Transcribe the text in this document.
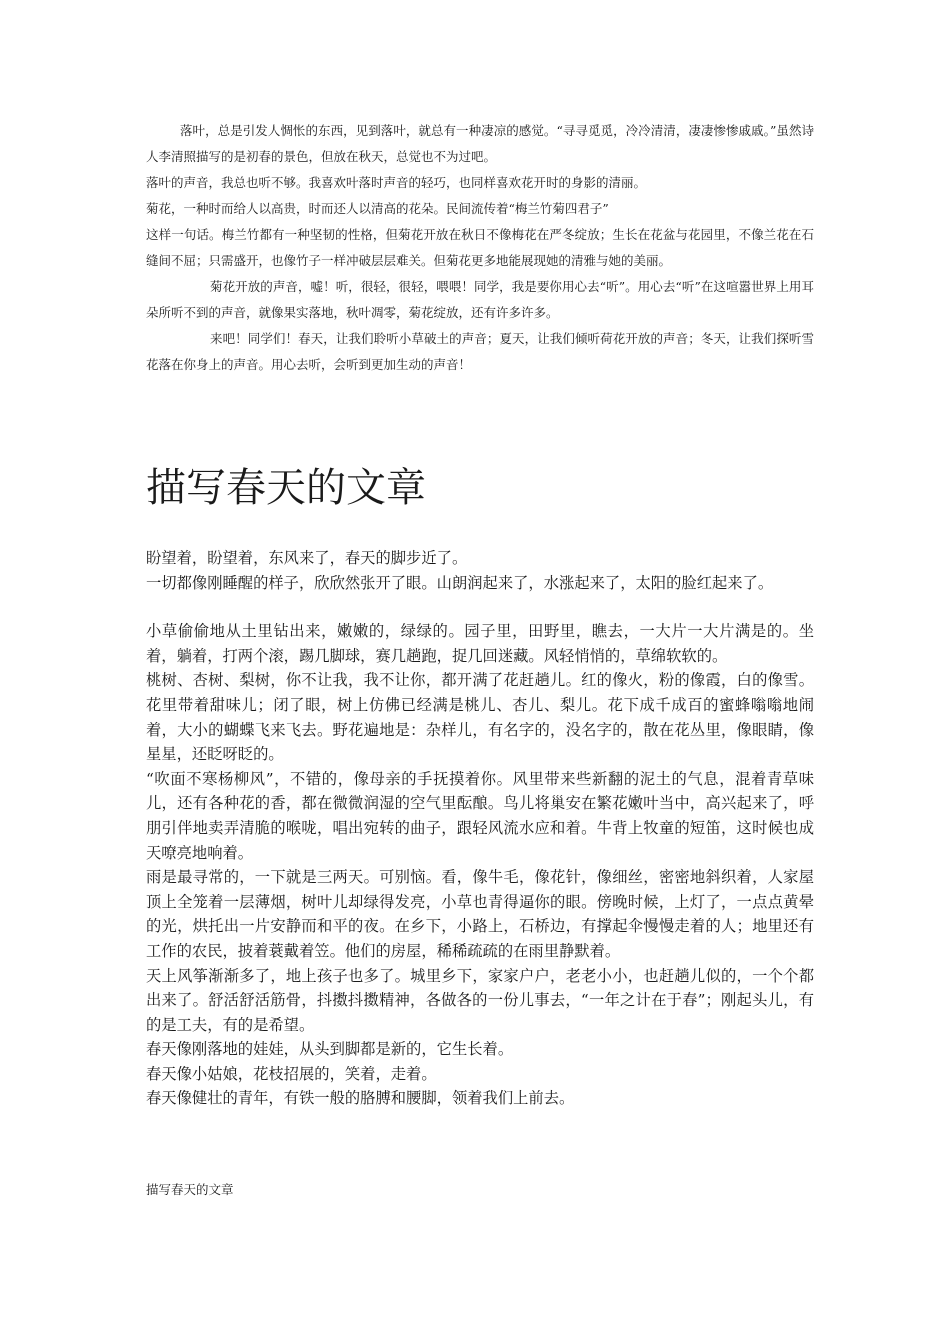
落叶，总是引发人惆怅的东西，见到落叶，就总有一种凄凉的感觉。“寻寻觅觅，冷冷清清，凄凄惨惨戚戚。”虽然诗人李清照描写的是初春的景色，但放在秋天，总觉也不为过吧。

落叶的声音，我总也听不够。我喜欢叶落时声音的轻巧，也同样喜欢花开时的身影的清丽。

菊花，一种时而给人以高贵，时而还人以清高的花朵。民间流传着“梅兰竹菊四君子”

这样一句话。梅兰竹都有一种坚韧的性格，但菊花开放在秋日不像梅花在严冬绽放；生长在花盆与花园里，不像兰花在石缝间不屈；只需盛开，也像竹子一样冲破层层难关。但菊花更多地能展现她的清雅与她的美丽。

菊花开放的声音，嘘！听，很轻，很轻，喂喂！同学，我是要你用心去“听”。用心去“听”在这喧嚣世界上用耳朵所听不到的声音，就像果实落地，秋叶凋零，菊花绽放，还有许多许多。

来吧！同学们！春天，让我们聆听小草破土的声音；夏天，让我们倾听荷花开放的声音；冬天，让我们探听雪花落在你身上的声音。用心去听，会听到更加生动的声音！

描写春天的文章

盼望着，盼望着，东风来了，春天的脚步近了。

一切都像刚睡醒的样子，欣欣然张开了眼。山朗润起来了，水涨起来了，太阳的脸红起来了。

小草偷偷地从土里钻出来，嫩嫩的，绿绿的。园子里，田野里，瞧去，一大片一大片满是的。坐着，躺着，打两个滚，踢几脚球，赛几趟跑，捉几回迷藏。风轻悄悄的，草绵软软的。

桃树、杏树、梨树，你不让我，我不让你，都开满了花赶趟儿。红的像火，粉的像霞，白的像雪。花里带着甜味儿；闭了眼，树上仿佛已经满是桃儿、杏儿、梨儿。花下成千成百的蜜蜂嗡嗡地闹着，大小的蝴蝶飞来飞去。野花遍地是：杂样儿，有名字的，没名字的，散在花丛里，像眼睛，像星星，还眨呀眨的。

“吹面不寒杨柳风”，不错的，像母亲的手抚摸着你。风里带来些新翻的泥土的气息，混着青草味儿，还有各种花的香，都在微微润湿的空气里酝酿。鸟儿将巢安在繁花嫩叶当中，高兴起来了，呼朋引伴地卖弄清脆的喉咙，唱出宛转的曲子，跟轻风流水应和着。牛背上牧童的短笛，这时候也成天嘹亮地响着。

雨是最寻常的，一下就是三两天。可别恼。看，像牛毛，像花针，像细丝，密密地斜织着，人家屋顶上全笼着一层薄烟，树叶儿却绿得发亮，小草也青得逼你的眼。傍晚时候，上灯了，一点点黄晕的光，烘托出一片安静而和平的夜。在乡下，小路上，石桥边，有撑起伞慢慢走着的人；地里还有工作的农民，披着蓑戴着笠。他们的房屋，稀稀疏疏的在雨里静默着。

天上风筝渐渐多了，地上孩子也多了。城里乡下，家家户户，老老小小，也赶趟儿似的，一个个都出来了。舒活舒活筋骨，抖擞抖擞精神，各做各的一份儿事去，“一年之计在于春”；刚起头儿，有的是工夫，有的是希望。

春天像刚落地的娃娃，从头到脚都是新的，它生长着。

春天像小姑娘，花枝招展的，笑着，走着。

春天像健壮的青年，有铁一般的胳膊和腰脚，领着我们上前去。

描写春天的文章
